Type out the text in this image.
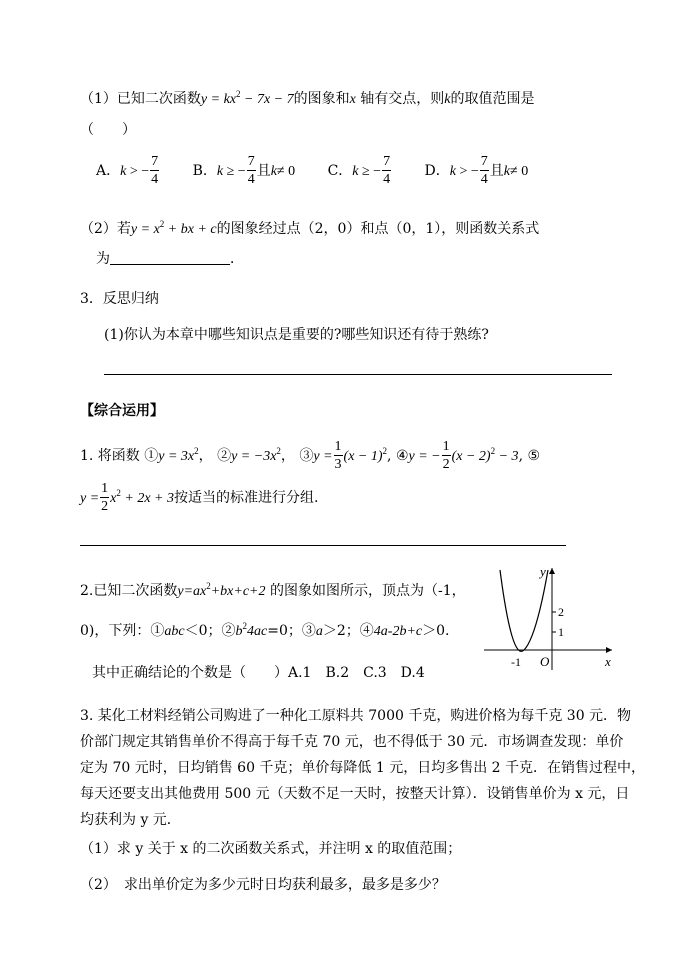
（1）已知二次函数$y = kx^2 - 7x - 7$的图象和x 轴有交点，则k的取值范围是
（　　）
A．k > − $\frac{7}{4}$ B．k ≥ − $\frac{7}{4}$ 且k≠ 0 C．k ≥ − $\frac{7}{4}$ D．k > − $\frac{7}{4}$ 且k≠ 0
（2）若$y = x^2$ + bx + c的图象经过点（2，0）和点（0，1），则函数关系式
为	．
3．反思归纳
(1)你认为本章中哪些知识点是重要的?哪些知识还有待于熟练?
【综合运用】
1. 将函数 ①y = $3x^2$， ②y = $-3x^2$， ③y = $\frac{1}{3} (x - 1)^2$, ④y = − $\frac{1}{2} (x - 2)^2 - 3$, ⑤
$y = \frac{1}{2} x^2 + 2x + 3$按适当的标准进行分组.
2.已知二次函数$y=ax^2+bx+c+2$ 的图象如图所示，顶点为（-1，
0)，下列：①abc＜0；$②b^24ac=0$；③a＞2；④4a-2b+c＞0.
其中正确结论的个数是（　　）A.1　B.2　C.3　D.4
y
x
O
-1
2
1
3. 某化工材料经销公司购进了一种化工原料共 7000 千克，购进价格为每千克 30 元．物
价部门规定其销售单价不得高于每千克 70 元，也不得低于 30 元．市场调查发现：单价
定为 70 元时，日均销售 60 千克；单价每降低 1 元，日均多售出 2 千克．在销售过程中，
每天还要支出其他费用 500 元（天数不足一天时，按整天计算）．设销售单价为 x 元，日
均获利为 y 元．
（1）求 y 关于 x 的二次函数关系式，并注明 x 的取值范围；
（2）　求出单价定为多少元时日均获利最多，最多是多少？
